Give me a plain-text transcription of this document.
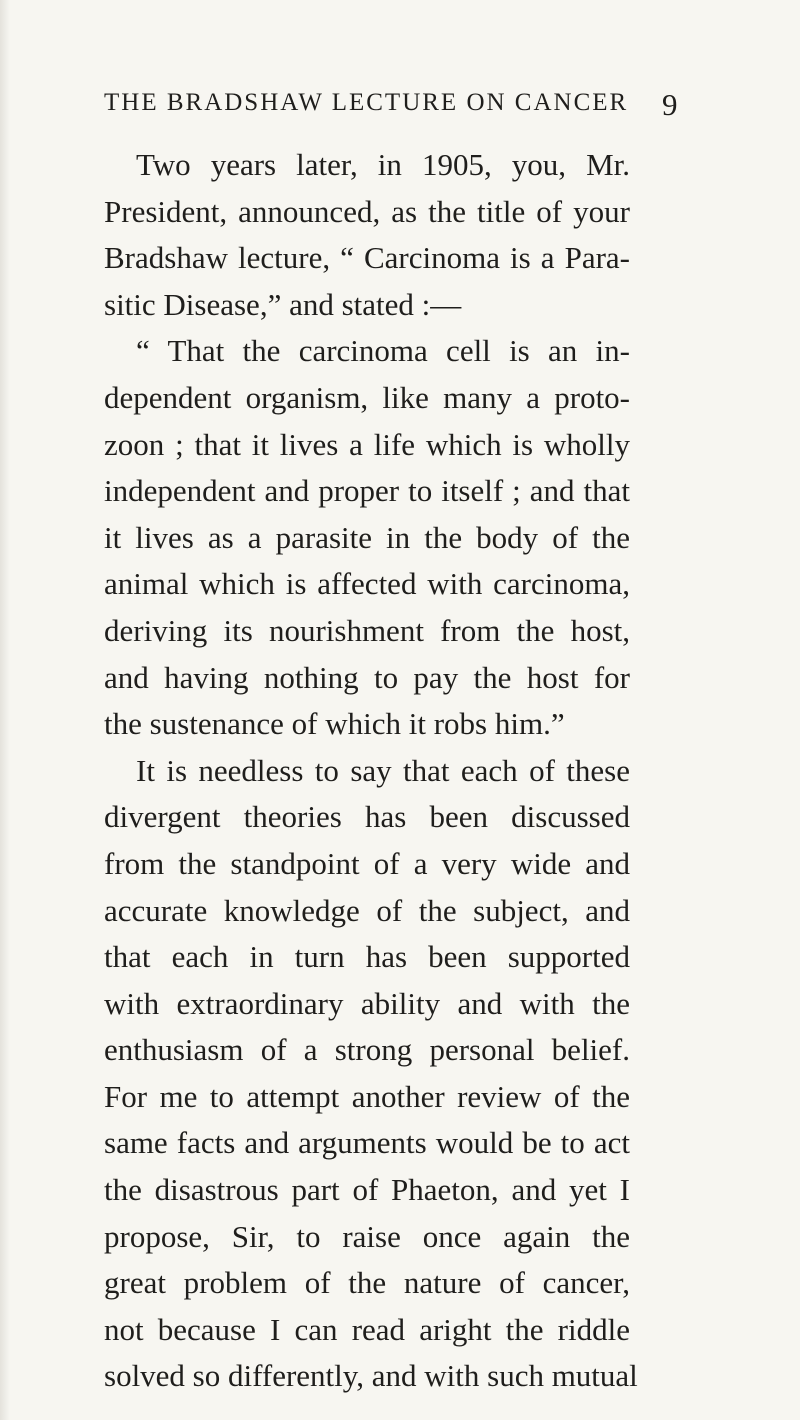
THE BRADSHAW LECTURE ON CANCER 9
Two years later, in 1905, you, Mr.
President, announced, as the title of your
Bradshaw lecture, “ Carcinoma is a Para-
sitic Disease,” and stated :—
“ That the carcinoma cell is an in-
dependent organism, like many a proto-
zoon ; that it lives a life which is wholly
independent and proper to itself ; and that
it lives as a parasite in the body of the
animal which is affected with carcinoma,
deriving its nourishment from the host,
and having nothing to pay the host for
the sustenance of which it robs him.”
It is needless to say that each of these
divergent theories has been discussed
from the standpoint of a very wide and
accurate knowledge of the subject, and
that each in turn has been supported
with extraordinary ability and with the
enthusiasm of a strong personal belief.
For me to attempt another review of the
same facts and arguments would be to act
the disastrous part of Phaeton, and yet I
propose, Sir, to raise once again the
great problem of the nature of cancer,
not because I can read aright the riddle
solved so differently, and with such mutual
